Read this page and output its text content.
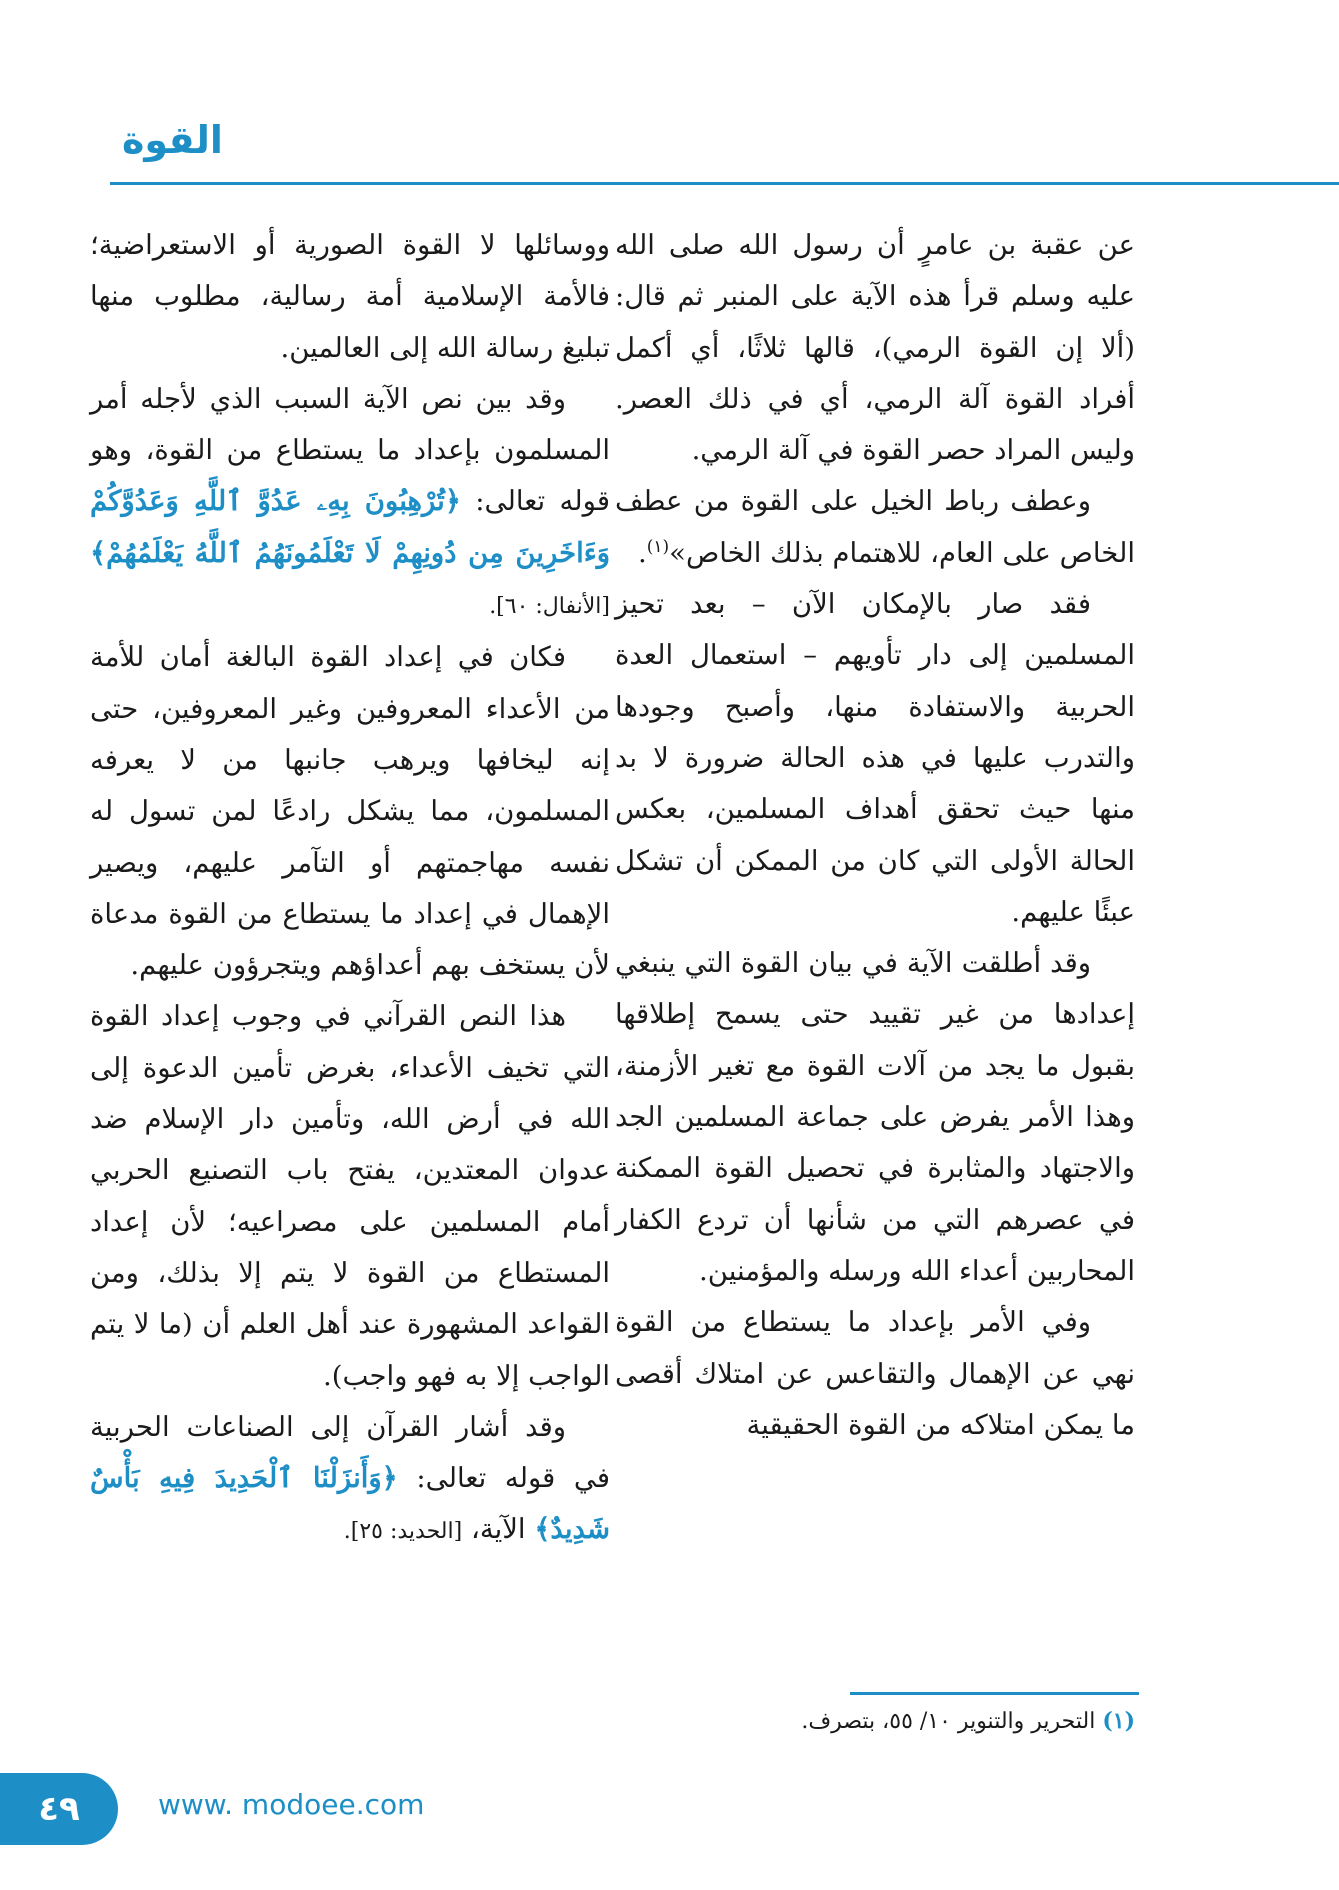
القوة

عن عقبة بن عامرٍ أن رسول الله صلى الله عليه وسلم قرأ هذه الآية على المنبر ثم قال: (ألا إن القوة الرمي)، قالها ثلاثًا، أي أكمل أفراد القوة آلة الرمي، أي في ذلك العصر. وليس المراد حصر القوة في آلة الرمي.

وعطف رباط الخيل على القوة من عطف الخاص على العام، للاهتمام بذلك الخاص»$^{(١)}$.

فقد صار بالإمكان الآن – بعد تحيز المسلمين إلى دار تأويهم – استعمال العدة الحربية والاستفادة منها، وأصبح وجودها والتدرب عليها في هذه الحالة ضرورة لا بد منها حيث تحقق أهداف المسلمين، بعكس الحالة الأولى التي كان من الممكن أن تشكل عبئًا عليهم.

وقد أطلقت الآية في بيان القوة التي ينبغي إعدادها من غير تقييد حتى يسمح إطلاقها بقبول ما يجد من آلات القوة مع تغير الأزمنة، وهذا الأمر يفرض على جماعة المسلمين الجد والاجتهاد والمثابرة في تحصيل القوة الممكنة في عصرهم التي من شأنها أن تردع الكفار المحاربين أعداء الله ورسله والمؤمنين.

وفي الأمر بإعداد ما يستطاع من القوة نهي عن الإهمال والتقاعس عن امتلاك أقصى ما يمكن امتلاكه من القوة الحقيقية

ووسائلها لا القوة الصورية أو الاستعراضية؛ فالأمة الإسلامية أمة رسالية، مطلوب منها تبليغ رسالة الله إلى العالمين.

وقد بين نص الآية السبب الذي لأجله أمر المسلمون بإعداد ما يستطاع من القوة، وهو قوله تعالى: ﴿تُرْهِبُونَ بِهِۦ عَدُوَّ ٱللَّهِ وَعَدُوَّكُمْ وَءَاخَرِينَ مِن دُونِهِمْ لَا تَعْلَمُونَهُمُ ٱللَّهُ يَعْلَمُهُمْ﴾[الأنفال: ٦٠].

فكان في إعداد القوة البالغة أمان للأمة من الأعداء المعروفين وغير المعروفين، حتى إنه ليخافها ويرهب جانبها من لا يعرفه المسلمون، مما يشكل رادعًا لمن تسول له نفسه مهاجمتهم أو التآمر عليهم، ويصير الإهمال في إعداد ما يستطاع من القوة مدعاة لأن يستخف بهم أعداؤهم ويتجرؤون عليهم.

هذا النص القرآني في وجوب إعداد القوة التي تخيف الأعداء، بغرض تأمين الدعوة إلى الله في أرض الله، وتأمين دار الإسلام ضد عدوان المعتدين، يفتح باب التصنيع الحربي أمام المسلمين على مصراعيه؛ لأن إعداد المستطاع من القوة لا يتم إلا بذلك، ومن القواعد المشهورة عند أهل العلم أن (ما لا يتم الواجب إلا به فهو واجب).

وقد أشار القرآن إلى الصناعات الحربية في قوله تعالى: ﴿وَأَنزَلْنَا ٱلْحَدِيدَ فِيهِ بَأْسٌ شَدِيدٌ﴾ الآية، [الحديد: ٢٥].

(١) التحرير والتنوير ١٠/ ٥٥، بتصرف.
٤٩	www. modoee.com
